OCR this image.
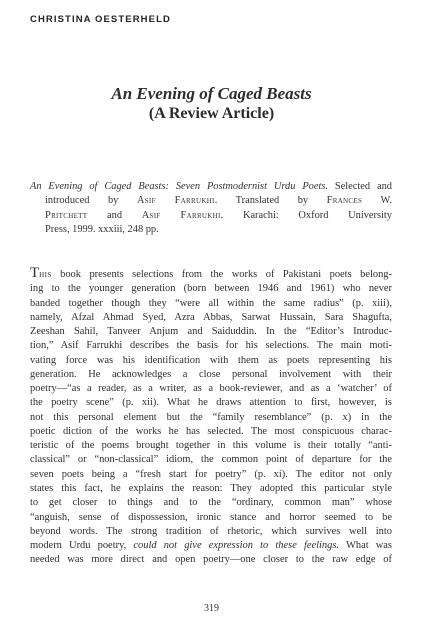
CHRISTINA OESTERHELD
An Evening of Caged Beasts
(A Review Article)
An Evening of Caged Beasts: Seven Postmodernist Urdu Poets. Selected and
introduced by Asif Farrukhi. Translated by Frances W.
Pritchett and Asif Farrukhi. Karachi: Oxford University
Press, 1999. xxxiii, 248 pp.
This book presents selections from the works of Pakistani poets belong-
ing to the younger generation (born between 1946 and 1961) who never
banded together though they “were all within the same radius” (p. xiii),
namely, Afzal Ahmad Syed, Azra Abbas, Sarwat Hussain, Sara Shagufta,
Zeeshan Sahil, Tanveer Anjum and Saiduddin. In the “Editor’s Introduc-
tion,” Asif Farrukhi describes the basis for his selections. The main moti-
vating force was his identification with them as poets representing his
generation. He acknowledges a close personal involvement with their
poetry—“as a reader, as a writer, as a book-reviewer, and as a ‘watcher’ of
the poetry scene” (p. xii). What he draws attention to first, however, is
not this personal element but the “family resemblance” (p. x) in the
poetic diction of the works he has selected. The most conspicuous charac-
teristic of the poems brought together in this volume is their totally “anti-
classical” or “non-classical” idiom, the common point of departure for the
seven poets being a “fresh start for poetry” (p. xi). The editor not only
states this fact, he explains the reason: They adopted this particular style
to get closer to things and to the “ordinary, common man” whose
“anguish, sense of dispossession, ironic stance and horror seemed to be
beyond words. The strong tradition of rhetoric, which survives well into
modern Urdu poetry, could not give expression to these feelings. What was
needed was more direct and open poetry—one closer to the raw edge of
319
